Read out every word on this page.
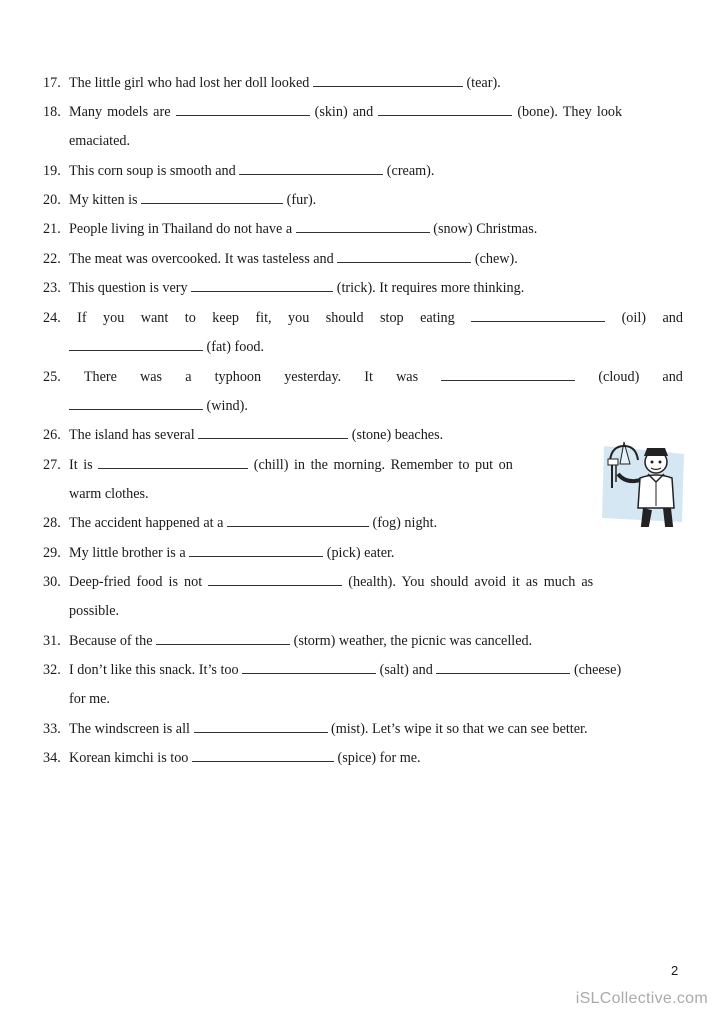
17. The little girl who had lost her doll looked	(tear).
18. Many models are	(skin) and	(bone). They look
emaciated.
19. This corn soup is smooth and	(cream).
20. My kitten is	(fur).
21. People living in Thailand do not have a	(snow) Christmas.
22. The meat was overcooked. It was tasteless and	(chew).
23. This question is very	(trick). It requires more thinking.
24. If you want to keep fit, you should stop eating	(oil) and
(fat) food.
25. There was a typhoon yesterday. It was	(cloud) and
(wind).
26. The island has several	(stone) beaches.
27. It is	(chill) in the morning. Remember to put on
warm clothes.
28. The accident happened at a	(fog) night.
29. My little brother is a	(pick) eater.
30. Deep-fried food is not	(health). You should avoid it as much as
possible.
31. Because of the	(storm) weather, the picnic was cancelled.
32. I don’t like this snack. It’s too	(salt) and	(cheese)
for me.
33. The windscreen is all	(mist). Let’s wipe it so that we can see better.
34. Korean kimchi is too	(spice) for me.
2
iSLCollective.com
